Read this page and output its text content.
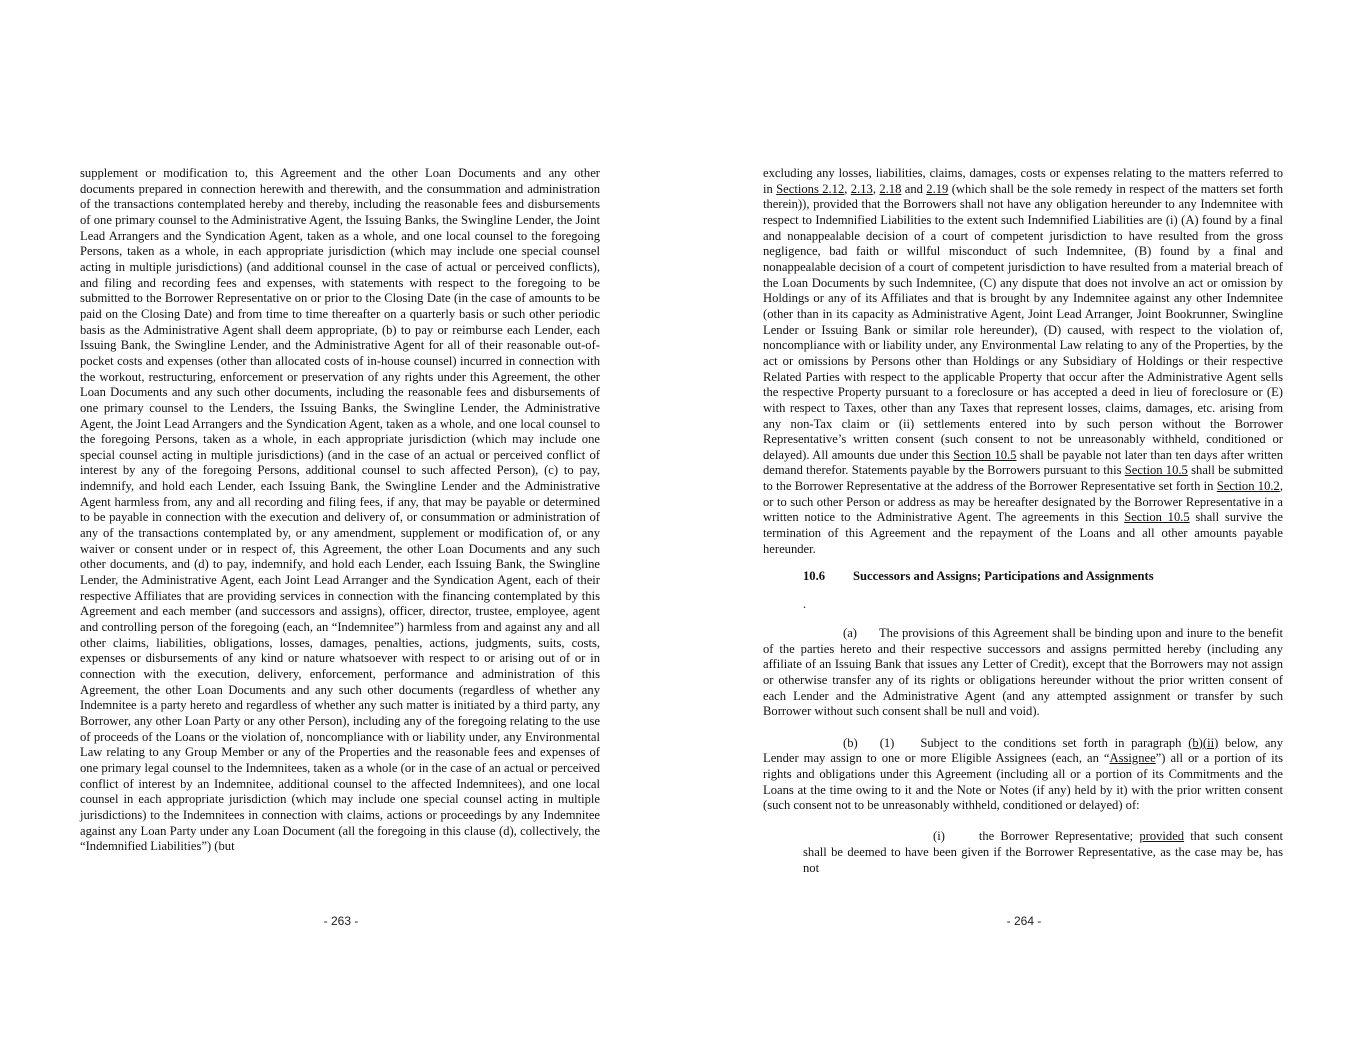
supplement or modification to, this Agreement and the other Loan Documents and any other documents prepared in connection herewith and therewith, and the consummation and administration of the transactions contemplated hereby and thereby, including the reasonable fees and disbursements of one primary counsel to the Administrative Agent, the Issuing Banks, the Swingline Lender, the Joint Lead Arrangers and the Syndication Agent, taken as a whole, and one local counsel to the foregoing Persons, taken as a whole, in each appropriate jurisdiction (which may include one special counsel acting in multiple jurisdictions) (and additional counsel in the case of actual or perceived conflicts), and filing and recording fees and expenses, with statements with respect to the foregoing to be submitted to the Borrower Representative on or prior to the Closing Date (in the case of amounts to be paid on the Closing Date) and from time to time thereafter on a quarterly basis or such other periodic basis as the Administrative Agent shall deem appropriate, (b) to pay or reimburse each Lender, each Issuing Bank, the Swingline Lender, and the Administrative Agent for all of their reasonable out-of-pocket costs and expenses (other than allocated costs of in-house counsel) incurred in connection with the workout, restructuring, enforcement or preservation of any rights under this Agreement, the other Loan Documents and any such other documents, including the reasonable fees and disbursements of one primary counsel to the Lenders, the Issuing Banks, the Swingline Lender, the Administrative Agent, the Joint Lead Arrangers and the Syndication Agent, taken as a whole, and one local counsel to the foregoing Persons, taken as a whole, in each appropriate jurisdiction (which may include one special counsel acting in multiple jurisdictions) (and in the case of an actual or perceived conflict of interest by any of the foregoing Persons, additional counsel to such affected Person), (c) to pay, indemnify, and hold each Lender, each Issuing Bank, the Swingline Lender and the Administrative Agent harmless from, any and all recording and filing fees, if any, that may be payable or determined to be payable in connection with the execution and delivery of, or consummation or administration of any of the transactions contemplated by, or any amendment, supplement or modification of, or any waiver or consent under or in respect of, this Agreement, the other Loan Documents and any such other documents, and (d) to pay, indemnify, and hold each Lender, each Issuing Bank, the Swingline Lender, the Administrative Agent, each Joint Lead Arranger and the Syndication Agent, each of their respective Affiliates that are providing services in connection with the financing contemplated by this Agreement and each member (and successors and assigns), officer, director, trustee, employee, agent and controlling person of the foregoing (each, an “Indemnitee”) harmless from and against any and all other claims, liabilities, obligations, losses, damages, penalties, actions, judgments, suits, costs, expenses or disbursements of any kind or nature whatsoever with respect to or arising out of or in connection with the execution, delivery, enforcement, performance and administration of this Agreement, the other Loan Documents and any such other documents (regardless of whether any Indemnitee is a party hereto and regardless of whether any such matter is initiated by a third party, any Borrower, any other Loan Party or any other Person), including any of the foregoing relating to the use of proceeds of the Loans or the violation of, noncompliance with or liability under, any Environmental Law relating to any Group Member or any of the Properties and the reasonable fees and expenses of one primary legal counsel to the Indemnitees, taken as a whole (or in the case of an actual or perceived conflict of interest by an Indemnitee, additional counsel to the affected Indemnitees), and one local counsel in each appropriate jurisdiction (which may include one special counsel acting in multiple jurisdictions) to the Indemnitees in connection with claims, actions or proceedings by any Indemnitee against any Loan Party under any Loan Document (all the foregoing in this clause (d), collectively, the “Indemnified Liabilities”) (but

- 263 -

excluding any losses, liabilities, claims, damages, costs or expenses relating to the matters referred to in Sections 2.12, 2.13, 2.18 and 2.19 (which shall be the sole remedy in respect of the matters set forth therein)), provided that the Borrowers shall not have any obligation hereunder to any Indemnitee with respect to Indemnified Liabilities to the extent such Indemnified Liabilities are (i) (A) found by a final and nonappealable decision of a court of competent jurisdiction to have resulted from the gross negligence, bad faith or willful misconduct of such Indemnitee, (B) found by a final and nonappealable decision of a court of competent jurisdiction to have resulted from a material breach of the Loan Documents by such Indemnitee, (C) any dispute that does not involve an act or omission by Holdings or any of its Affiliates and that is brought by any Indemnitee against any other Indemnitee (other than in its capacity as Administrative Agent, Joint Lead Arranger, Joint Bookrunner, Swingline Lender or Issuing Bank or similar role hereunder), (D) caused, with respect to the violation of, noncompliance with or liability under, any Environmental Law relating to any of the Properties, by the act or omissions by Persons other than Holdings or any Subsidiary of Holdings or their respective Related Parties with respect to the applicable Property that occur after the Administrative Agent sells the respective Property pursuant to a foreclosure or has accepted a deed in lieu of foreclosure or (E) with respect to Taxes, other than any Taxes that represent losses, claims, damages, etc. arising from any non-Tax claim or (ii) settlements entered into by such person without the Borrower Representative’s written consent (such consent to not be unreasonably withheld, conditioned or delayed). All amounts due under this Section 10.5 shall be payable not later than ten days after written demand therefor. Statements payable by the Borrowers pursuant to this Section 10.5 shall be submitted to the Borrower Representative at the address of the Borrower Representative set forth in Section 10.2, or to such other Person or address as may be hereafter designated by the Borrower Representative in a written notice to the Administrative Agent. The agreements in this Section 10.5 shall survive the termination of this Agreement and the repayment of the Loans and all other amounts payable hereunder.

10.6 Successors and Assigns; Participations and Assignments

.

(a) The provisions of this Agreement shall be binding upon and inure to the benefit of the parties hereto and their respective successors and assigns permitted hereby (including any affiliate of an Issuing Bank that issues any Letter of Credit), except that the Borrowers may not assign or otherwise transfer any of its rights or obligations hereunder without the prior written consent of each Lender and the Administrative Agent (and any attempted assignment or transfer by such Borrower without such consent shall be null and void).

(b) (1) Subject to the conditions set forth in paragraph (b)(ii) below, any Lender may assign to one or more Eligible Assignees (each, an “Assignee”) all or a portion of its rights and obligations under this Agreement (including all or a portion of its Commitments and the Loans at the time owing to it and the Note or Notes (if any) held by it) with the prior written consent (such consent not to be unreasonably withheld, conditioned or delayed) of:

(i)	the Borrower Representative; provided that such consent shall be deemed to have been given if the Borrower Representative, as the case may be, has not

- 264 -
